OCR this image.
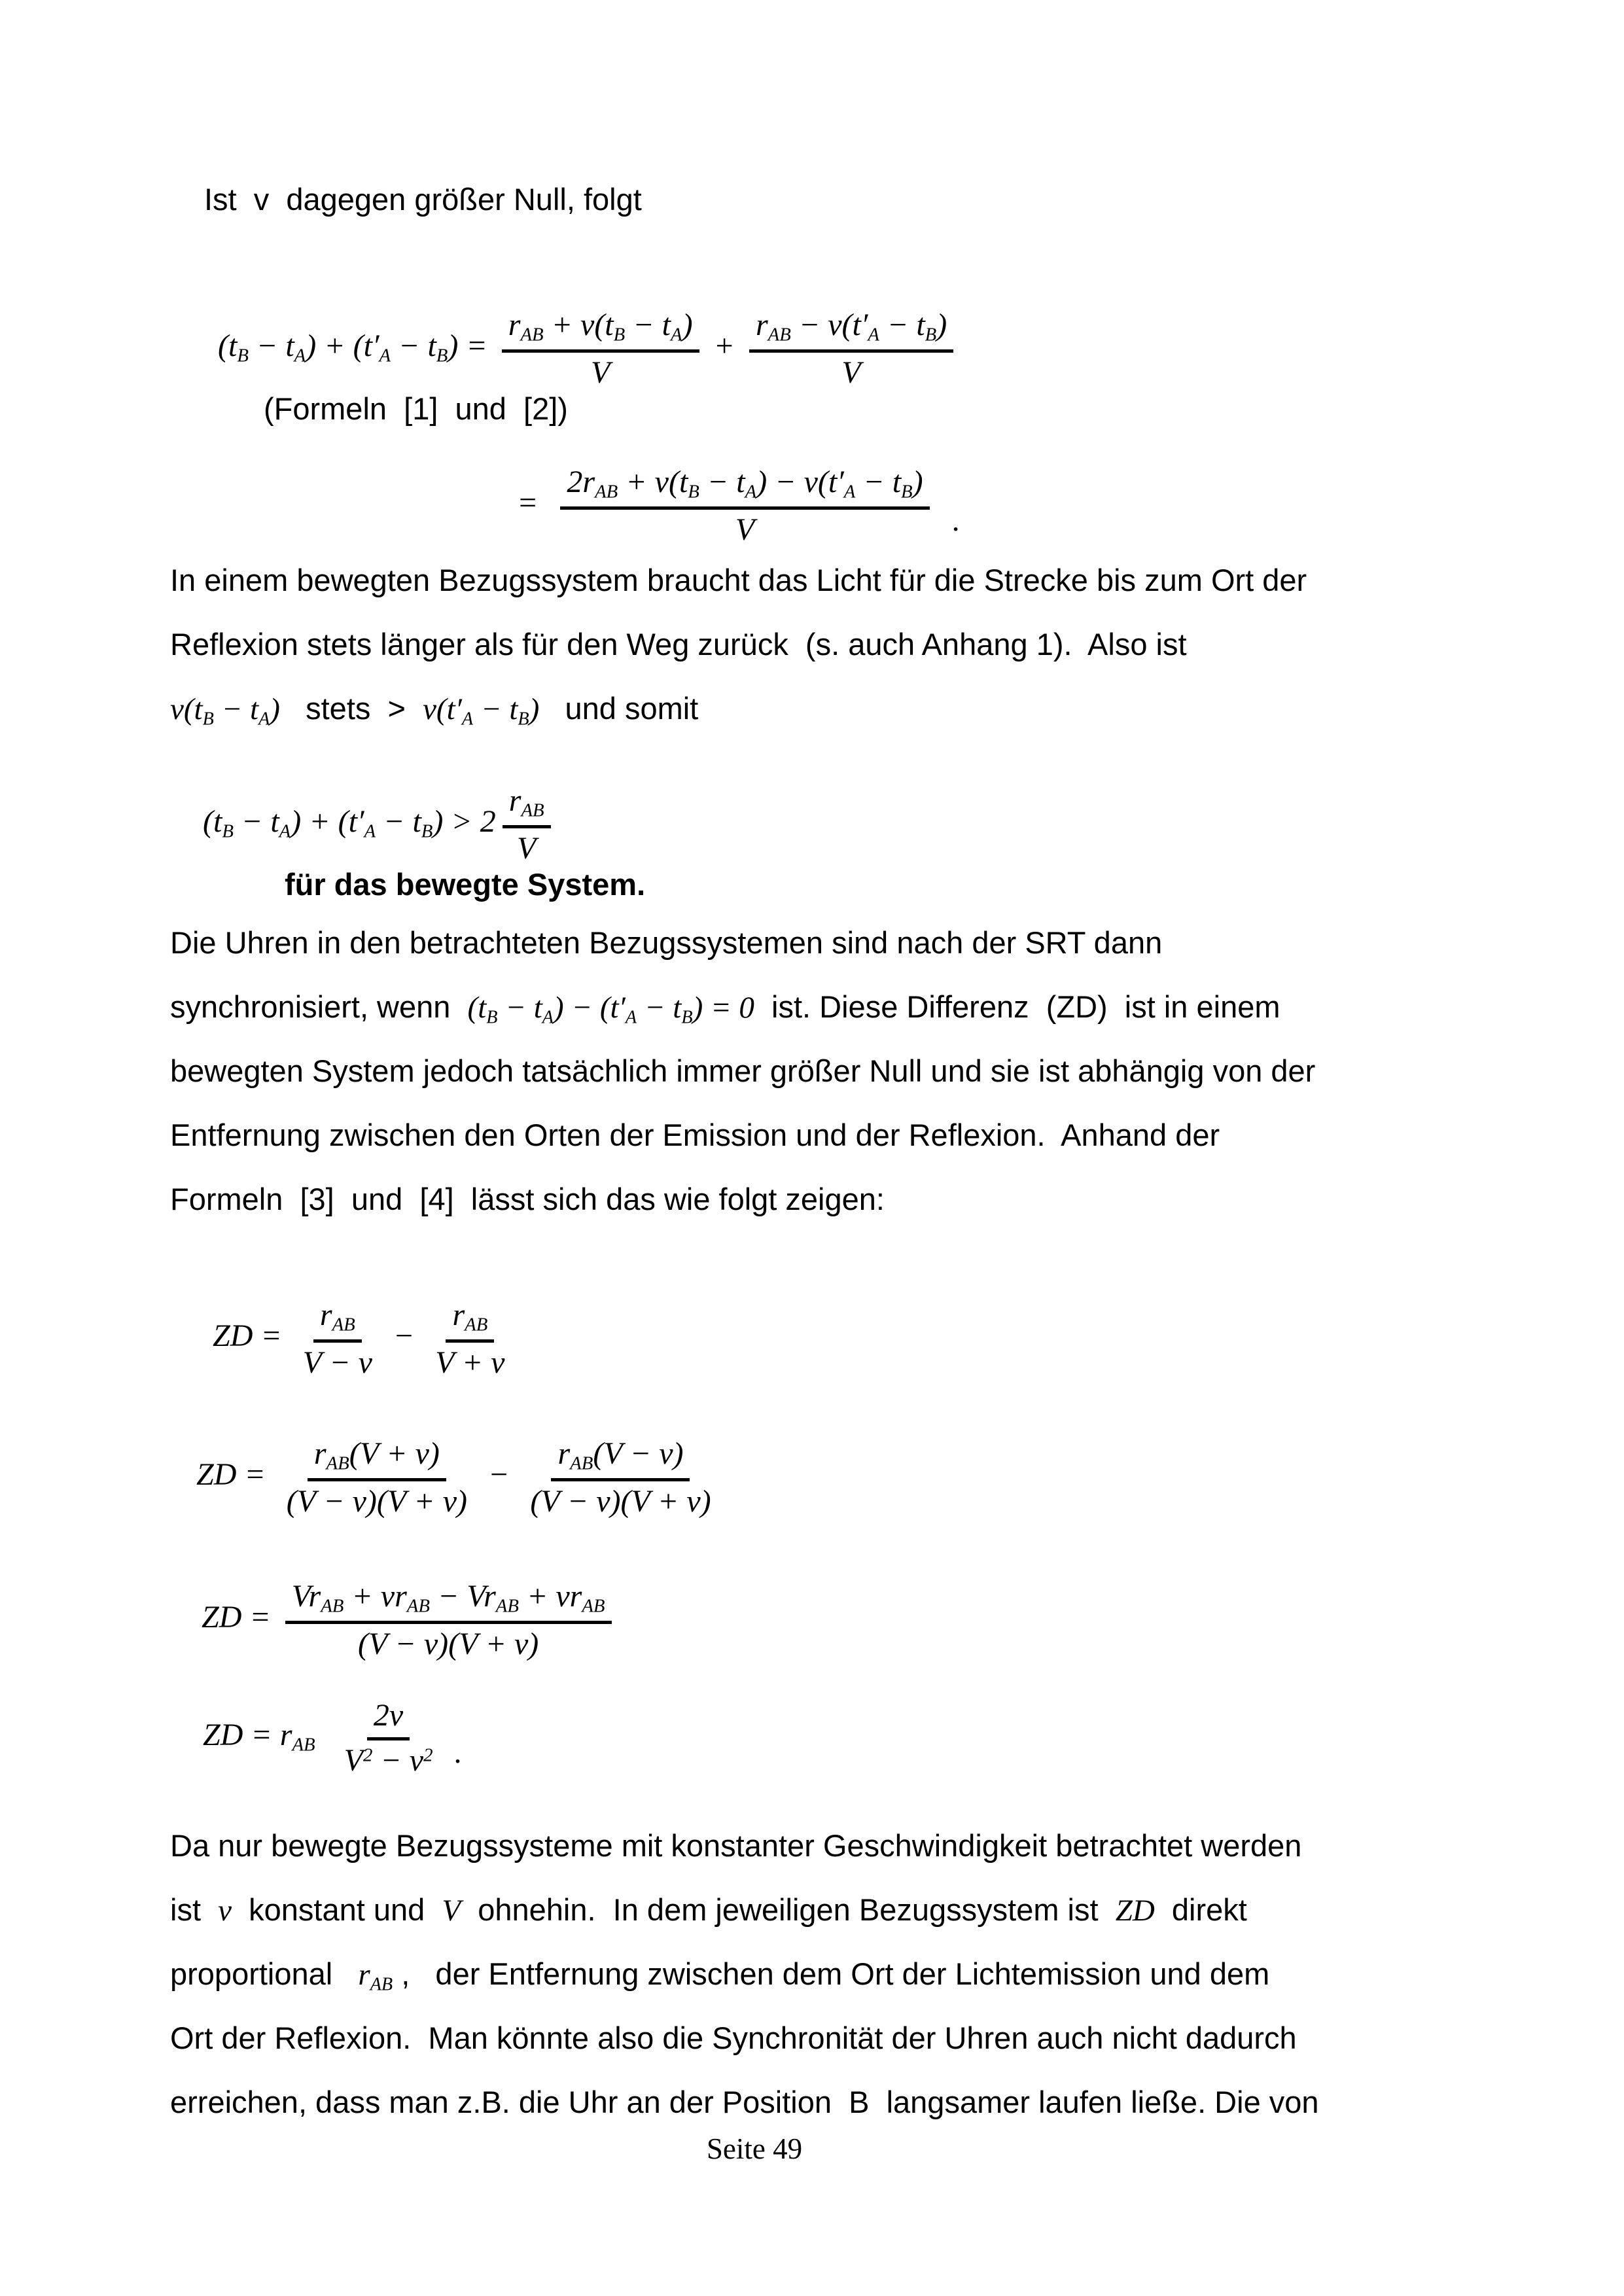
Ist  v  dagegen größer Null, folgt

$(tB - tA) + (t'A - tB) = \frac{\text{rAB + v(tB − tA)}}{V} + \frac{\text{rAB − v(t′A − tB)}}{V}$

(Formeln  [1]  und  [2])

= $\frac{\text{2rAB + v(tB − tA) − v(t′A − tB)}}{V}$ .

In einem bewegten Bezugssystem braucht das Licht für die Strecke bis zum Ort der
Reflexion stets länger als für den Weg zurück  (s. auch Anhang 1).  Also ist
v(tB − tA)   stets  >  v(t′A − tB)   und somit

$(tB - tA) + (t'A - tB) > 2 \frac{\text{rAB}}{V}$

für das bewegte System.

Die Uhren in den betrachteten Bezugssystemen sind nach der SRT dann
synchronisiert, wenn  (tB − tA) − (t′A − tB) = 0  ist. Diese Differenz  (ZD)  ist in einem
bewegten System jedoch tatsächlich immer größer Null und sie ist abhängig von der
Entfernung zwischen den Orten der Emission und der Reflexion.  Anhand der
Formeln  [3]  und  [4]  lässt sich das wie folgt zeigen:

ZD = $\frac{\text{rAB}}{V - v} - \frac{\text{rAB}}{V + v}$

ZD = $\frac{\text{rAB(V + v)}}{(V - v)(V + v)} - \frac{\text{rAB(V − v)}}{(V - v)(V + v)}$

ZD = $\frac{\text{VrAB + vrAB − VrAB + vrAB}}{(V - v)(V + v)}$

ZD = rAB $\frac{2v}{V^2 - v^2}$ .

Da nur bewegte Bezugssysteme mit konstanter Geschwindigkeit betrachtet werden
ist  v  konstant und  V  ohnehin.  In dem jeweiligen Bezugssystem ist  ZD  direkt
proportional   rAB ,   der Entfernung zwischen dem Ort der Lichtemission und dem
Ort der Reflexion.  Man könnte also die Synchronität der Uhren auch nicht dadurch
erreichen, dass man z.B. die Uhr an der Position  B  langsamer laufen ließe. Die von
Seite 49
